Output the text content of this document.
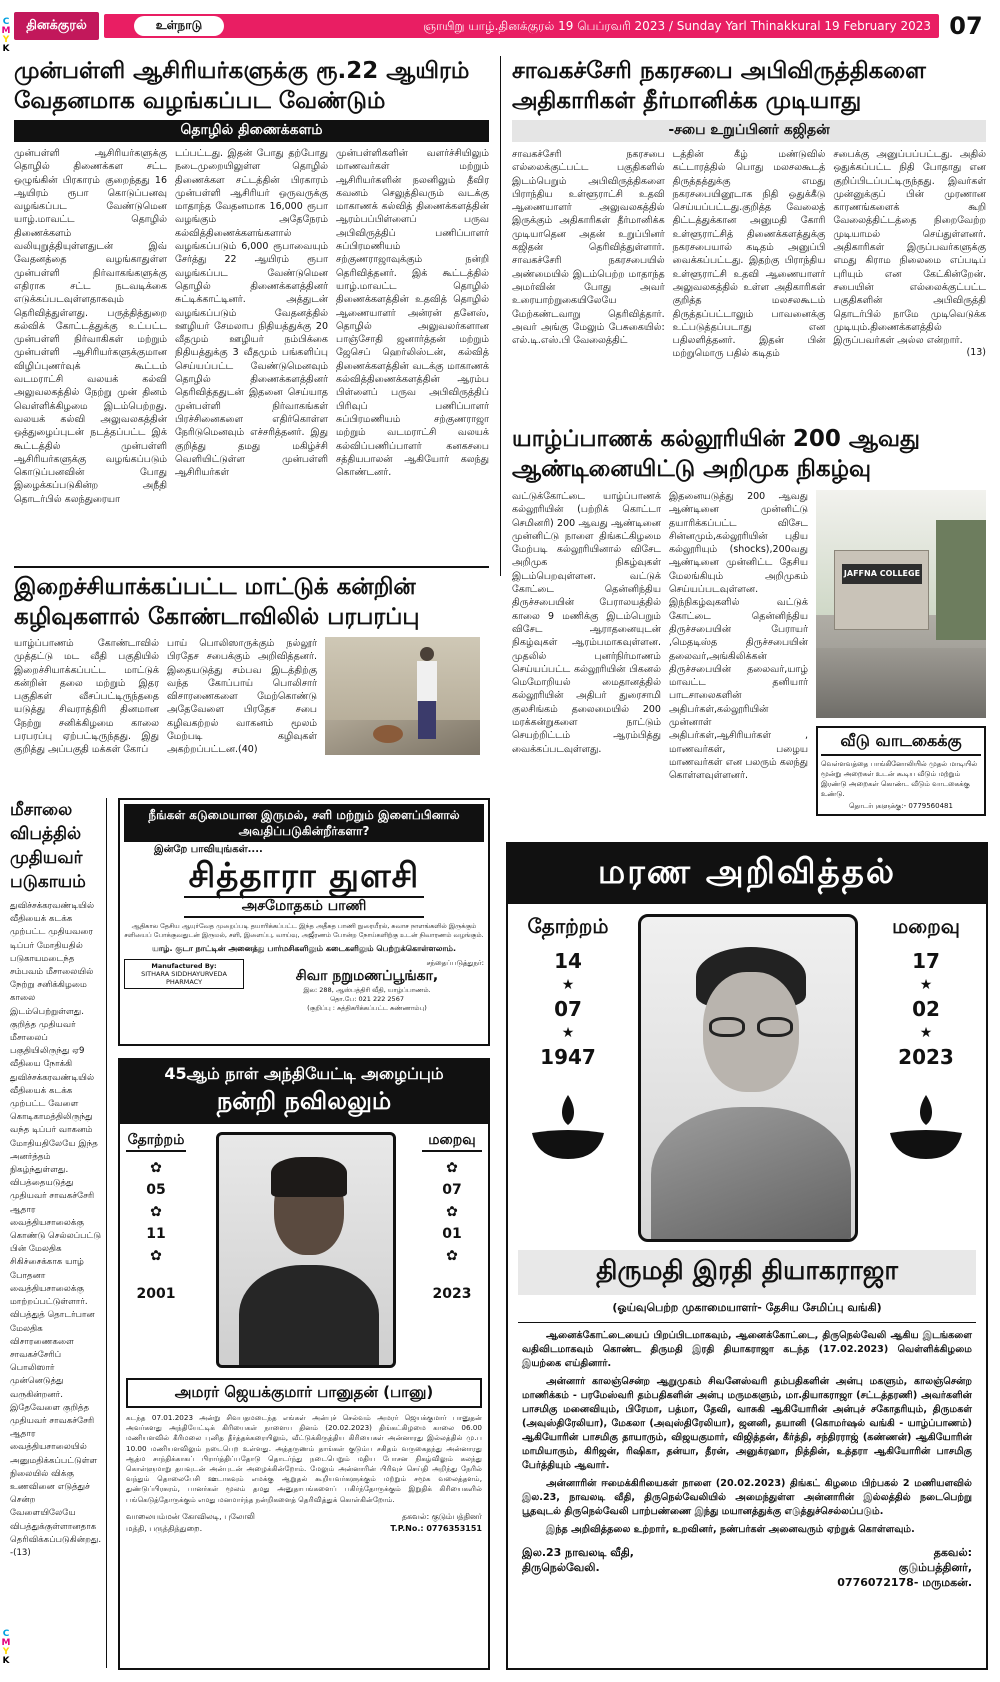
C
M
Y
K
C
M
Y
K
தினக்குரல்	உள்நாடு	ஞாயிறு யாழ்.தினக்குரல் 19 பெப்ரவரி 2023 / Sunday Yarl Thinakkural 19 February 2023 07
முன்பள்ளி ஆசிரியர்களுக்கு ரூ.22 ஆயிரம் வேதனமாக வழங்கப்பட வேண்டும்
தொழில் திணைக்களம்
முன்பள்ளி ஆசிரியர்களுக்கு தொழில் திணைக்கள சட்ட ஒழுங்கின் பிரகாரம் குறைந்தது 16 ஆயிரம் ரூபா கொடுப்பனவு வழங்கப்பட வேண்டுமென யாழ்.மாவட்ட தொழில் திணைக்களம் வலியுறுத்தியுள்ளதுடன் இவ் வேதனத்தை வழங்காதுள்ள முன்பள்ளி நிர்வாகங்களுக்கு எதிராக சட்ட நடவடிக்கை எடுக்கப்படவுள்ளதாகவும் தெரிவித்துள்ளது. பருத்தித்துறை கல்விக் கோட்டத்துக்கு உட்பட்ட முன்பள்ளி நிர்வாகிகள் மற்றும் முன்பள்ளி ஆசிரியர்களுக்குமான விழிப்புணர்வுக் கூட்டம் வடமராட்சி வலயக் கல்வி அலுவலகத்தில் நேற்று முன் தினம் வெள்ளிக்கிழமை இடம்பெற்றது. வலயக் கல்வி அலுவலகத்தின் ஒத்துழைப்புடன் நடத்தப்பட்ட இக் கூட்டத்தில் முன்பள்ளி ஆசிரியர்களுக்கு வழங்கப்படும் கொடுப்பனவின் போது இழைக்கப்படுகின்ற அநீதி தொடர்பில் கலந்துரையா
டப்பட்டது. இதன் போது தற்போது நடைமுறையிலுள்ள தொழில் திணைக்கள சட்டத்தின் பிரகாரம் முன்பள்ளி ஆசிரியர் ஒருவருக்கு மாதாந்த வேதனமாக 16,000 ரூபா வழங்கும் அதேநேரம் கல்வித்திணைக்களங்களால் வழங்கப்படும் 6,000 ரூபாவையும் சேர்த்து 22 ஆயிரம் ரூபா வழங்கப்பட வேண்டுமென தொழில் திணைக்களத்தினர் சுட்டிக்காட்டினர். அத்துடன் வழங்கப்படும் வேதனத்தில் ஊழியர் சேமலாப நிதியத்துக்கு 20 வீதமும் ஊழியர் நம்பிக்கை நிதியத்துக்கு 3 வீதமும் பங்களிப்பு செய்யப்பட்ட வேண்டுமெனவும் தொழில் திணைக்களத்தினர் தெரிவித்ததுடன் இதனை செய்யாத முன்பள்ளி நிர்வாகங்கள் பிரச்சினைகளை எதிர்கொள்ள நேரிடுமெனவும் எச்சரித்தனர். இது குறித்து தமது மகிழ்ச்சி வெளியிட்டுள்ள முன்பள்ளி ஆசிரியர்கள்
முன்பள்ளிகளின் வளர்ச்சியிலும் மாணவர்கள் மற்றும் ஆசிரியர்களின் நலனிலும் தீவிர கவனம் செலுத்திவரும் வடக்கு மாகாணக் கல்வித் திணைக்களத்தின் ஆரம்பப்பிள்ளைப் பருவ அபிவிருத்திப் பணிப்பாளர் சுப்பிரமணியம் சற்குணராஜாவுக்கும் நன்றி தெரிவித்தனர். இக் கூட்டத்தில் யாழ்.மாவட்ட தொழில் திணைக்களத்தின் உதவித் தொழில் ஆணையாளர் அன்ரன் தனேஸ், தொழில் அலுவலர்களான பாஞ்சோதி ஜனார்த்தன் மற்றும் ஜேசெப் ஹெர்லிஸ்டன், கல்வித் திணைக்களத்தின் வடக்கு மாகாணக் கல்வித்திணைக்களத்தின் ஆரம்ப பிள்ளைப் பருவ அபிவிருத்திப் பிரிவுப் பணிப்பாளர் சுப்பிரமணியம் சற்குணராஜா மற்றும் வடமராட்சி வலயக் கல்விப்பணிப்பாளர் கனகசபை சத்தியபாலன் ஆகியோர் கலந்து கொண்டனர்.
சாவகச்சேரி நகரசபை அபிவிருத்திகளை அதிகாரிகள் தீர்மானிக்க முடியாது
-சபை உறுப்பினர் கஜிதன்
சாவகச்சேரி நகரசபை எல்லைக்குட்பட்ட பகுதிகளில் இடம்பெறும் அபிவிருத்திகளை பிராந்திய உள்ளூராட்சி உதவி ஆணையாளர் அலுவலகத்தில் இருக்கும் அதிகாரிகள் தீர்மானிக்க முடியாதென அதன் உறுப்பினர் கஜிதன் தெரிவித்துள்ளார். சாவகச்சேரி நகரசபையில் அண்மையில் இடம்பெற்ற மாதாந்த அமர்வின் போது அவர் உரையாற்றுகையிலேயே மேற்கண்டவாறு தெரிவித்தார். அவர் அங்கு மேலும் பேசுகையில்: எல்.டி.எஸ்.பி வேலைத்திட்
டத்தின் கீழ் மண்டுவில் கட்டாரத்தில் பொது மலசலகூடத் திருத்தத்துக்கு எமது நகரசபையினூடாக நிதி ஒதுக்கீடு செய்யப்பட்டது.குறித்த வேலைத் திட்டத்துக்கான அனுமதி கோரி உள்ளூராட்சித் திணைக்களத்துக்கு நகரசபையால் கடிதம் அனுப்பி வைக்கப்பட்டது. இதற்கு பிராந்திய உள்ளூராட்சி உதவி ஆணையாளர் அலுவலகத்தில் உள்ள அதிகாரிகள் குறித்த மலசலகூடம் திருத்தப்பட்டாலும் பாவனைக்கு உட்படுத்தப்படாது என பதிலளித்தனர். இதன் பின் மற்றுமொரு பதில் கடிதம்
சபைக்கு அனுப்பப்பட்டது. அதில் ஒதுக்கப்பட்ட நிதி போதாது என குறிப்பிடப்பட்டிருந்தது. இவர்கள் முன்னுக்குப் பின் முரணான காரணங்களைக் கூறி வேலைத்திட்டத்தை நிறைவேற்ற முடியாமல் செய்துள்ளனர். அதிகாரிகள் இருப்பவர்களுக்கு எமது கிராம நிலைமை எப்படிப் புரியும் என கேட்கின்றேன். சபையின் எல்லைக்குட்பட்ட பகுதிகளின் அபிவிருத்தி தொடர்பில் நாமே முடிவெடுக்க முடியும்.திணைக்களத்தில் இருப்பவர்கள் அல்ல என்றார்.
(13)
யாழ்ப்பாணக் கல்லூரியின் 200 ஆவது ஆண்டினையிட்டு அறிமுக நிகழ்வு
வட்டுக்கோட்டை யாழ்ப்பாணக் கல்லூரியின் (பற்றிக் கொட்டா செமினரி) 200 ஆவது ஆண்டினை முன்னிட்டு நாளை திங்கட்கிழமை மேற்படி கல்லூரியினால் விசேட அறிமுக நிகழ்வுகள் இடம்பெறவுள்ளன. வட்டுக் கோட்டை தென்னிந்திய திருச்சபையின் பேராலயத்தில் காலை 9 மணிக்கு இடம்பெறும் விசேட ஆராதனையுடன் நிகழ்வுகள் ஆரம்பமாகவுள்ளன. முதலில் புனர்நிர்மாணம் செய்யப்பட்ட கல்லூரியின் பிகனல் மெமோறியல் மைதானத்தில் கல்லூரியின் அதிபர் துரைசாமி குலசிங்கம் தலைமையில் 200 மரக்கன்றுகளை நாட்டும் செயற்றிட்டம் ஆரம்பித்து வைக்கப்படவுள்ளது.
இதனையடுத்து 200 ஆவது ஆண்டினை முன்னிட்டு தயாரிக்கப்பட்ட விசேட சின்னமும்,கல்லூரியின் புதிய கல்லூரியும் (shocks),200வது ஆண்டினை முன்னிட்ட தேசிய மேலங்கியும் அறிமுகம் செய்யப்படவுள்ளன. இந்நிகழ்வுகளில் வட்டுக் கோட்டை தென்னிந்திய திருச்சபையின் பேராயர் ,மெதடிஸ்த திருச்சபையின் தலைவர்,அங்கிலிக்கன் திருச்சபையின் தலைவர்,யாழ் மாவட்ட தனியார் பாடசாலைகளின் அதிபர்கள்,கல்லூரியின் முன்னாள் அதிபர்கள்,ஆசிரியர்கள் , மாணவர்கள், பழைய மாணவர்கள் என பலரும் கலந்து கொள்ளவுள்ளனர்.
JAFFNA COLLEGE
வீடு வாடகைக்கு
வெள்ளவத்தை பாங்கினோலியில் முதல் மாடியில் மூன்று அறைகள் உடன் கூடிய வீடும் மற்றும் இரண்டு அறைகள் கொண்ட வீடும் வாடகைக்கு உண்டு.
தொடர்புகளுக்கு:- 0779560481
இறைச்சியாக்கப்பட்ட மாட்டுக் கன்றின் கழிவுகளால் கோண்டாவிலில் பரபரப்பு
யாழ்ப்பாணம் கோண்டாவில் முத்தட்டு மட வீதி பகுதியில் இறைச்சியாக்கப்பட்ட மாட்டுக் கன்றின் தலை மற்றும் இதர பகுதிகள் வீசப்பட்டிருந்ததை யடுத்து சிவராத்திரி தினமான நேற்று சனிக்கிழமை காலை பரபரப்பு ஏற்பட்டிருந்தது. இது குறித்து அப்பகுதி மக்கள் கோப்
பாய் பொலிஸாருக்கும் நல்லூர் பிரதேச சபைக்கும் அறிவித்தனர். இதையடுத்து சம்பவ இடத்திற்கு வந்த கோப்பாய் பொலிசார் விசாரணைகளை மேற்கொண்டு அதேவேளை பிரதேச சபை கழிவகற்றல் வாகனம் மூலம் மேற்படி கழிவுகள் அகற்றப்பட்டன.(40)
மீசாலை விபத்தில் முதியவர் படுகாயம்
துவிச்சக்கரவண்டியில் வீதியைக் கடக்க முற்பட்ட முதியவரை டிப்பர் மோதியதில் படுகாயமடைந்த சம்பவம் மீசாலையில் நேற்று சனிக்கிழமை காலை இடம்பெற்றுள்ளது. குறித்த முதியவர் மீசாலைப் பகுதியிலிருந்து ஏ9 வீதியை நோக்கி துவிச்சக்கரவண்டியில் வீதியைக் கடக்க முற்பட்ட வேளை கொடிகாமத்திலிருந்து வந்த டிப்பர் வாகனம் மோதியதிலேயே இந்த அனர்த்தம் நிகழ்ந்துள்ளது. விபத்தையடுத்து முதியவர் சாவகச்சேரி ஆதார வைத்தியசாலைக்கு கொண்டு செல்லப்பட்டு பின் மேலதிக சிகிச்சைக்காக யாழ் போதனா வைத்தியசாலைக்கு மாற்றப்பட்டுள்ளார். விபத்துத் தொடர்பான மேலதிக விசாரணைகளை சாவகச்சேரிப் பொலிஸார் முன்னெடுத்து வருகின்றனர். இதேவேளை குறித்த முதியவர் சாவகச்சேரி ஆதார வைத்தியசாலையில் அனுமதிக்கப்பட்டுள்ள நிலையில் விக்கு உணவினை எடுத்துச் சென்ற வேளையிலேயே விபத்துக்குள்ளானதாக தெரிவிக்கப்படுகின்றது.-(13)
நீங்கள் கடுமையான இருமல், சளி மற்றும் இளைப்பினால் அவதிப்படுகின்றீர்களா?
இன்றே பாவியுங்கள்....
சித்தாரா துளசி
அசமோதகம் பாணி
ஆதிகால தேசிய ஆயுர்வேத முறைப்படி தயாரிக்கப்பட்ட இந்த அதீசுத பாணி நுரையீரல், சுவாச நாளங்களில் இருக்கும் சளியைப் போக்குவதுடன் இருமல், சளி, இளைப்பு, வாய்வு, அஜீரணம் போன்ற நோய்களிற்கு உடன் நிவாரணம் வழங்கும்.
யாழ். குடா நாட்டின் அனைத்து பார்மசிகளிலும் கடைகளிலும் பெற்றுக்கொள்ளலாம்.
Manufactured By:
SITHARA SIDDHAYURVEDA PHARMACY
சந்தைப்படுத்துநர்:
சிவா நறுமணப்பூங்கா,
இல: 288, ஆஸ்பத்திரி வீதி, யாழ்ப்பாணம்.
தொ.பே: 021 222 2567
(குறிப்பு : சுத்திகரிக்கப்பட்ட சுண்ணாம்பு)
45ஆம் நாள் அந்தியேட்டி அழைப்பும்
நன்றி நவிலலும்
தோற்றம்
✿
05
✿
11
✿
2001
மறைவு
✿
07
✿
01
✿
2023
அமரர் ஜெயக்குமார் பானுதன் (பானு)
கடந்த 07.01.2023 அன்று சிவபதமடைந்த எங்கள் அன்புச் செல்வம் அமரர் ஜெயக்குமார் பானுதன் அவர்களது அந்தியேட்டிக் கிரியைகள் நாளைய தினம் (20.02.2023) திங்கட்கிழமை காலை 06.00 மணியளவில் கீரிமலை புனித தீர்த்தக்கரையிலும், வீட்டுக்கிருத்திய கிரியைகள் அன்னாரது இல்லத்தில் மு.ப 10.00 மணியளவிலும் நடைபெற உள்ளது. அத்தருணம் தாங்கள் குடும்ப சகிதம் வருகைதந்து அன்னாரது ஆத்ம சாந்திக்காகப் பிரார்த்திப்பதோடு தொடர்ந்து நடைபெறும் மதிய போசன நிகழ்விலும் கலந்து கொள்ளுமாறு தயவுடன் அன்புடன் அழைக்கின்றோம். மேலும் அன்னாரின் பிரிவுச் செய்தி அறிந்து நேரில் வந்தும் தொலைபேசி ஊடாகவும் எமக்கு ஆறுதல் கூறியவர்களுக்கும் மற்றும் சமூக வலைத்தளம், துண்டுப்பிரசுரம், பானர்கள் மூலம் தமது அனுதாபங்களைப் பகிர்ந்தோருக்கும் இறுதிக் கிரியைகளில் பங்கெடுத்தோருக்கும் எமது மனமார்ந்த நன்றிகளைத் தெரிவித்துக் கொள்கின்றோம்.
வாலையம்மன் கோவிலடி, புலோலி மத்தி, பருத்தித்துறை.
தகவல்: குடும்பத்தினர்
T.P.No.: 0776353151
மரண அறிவித்தல்
தோற்றம்
14
★
07
★
1947
மறைவு
17
★
02
★
2023
திருமதி இரதி தியாகராஜா
(ஓய்வுபெற்ற முகாமையாளர்- தேசிய சேமிப்பு வங்கி)

ஆனைக்கோட்டையைப் பிறப்பிடமாகவும், ஆனைக்கோட்டை, திருநெல்வேலி ஆகிய இடங்களை வதிவிடமாகவும் கொண்ட திருமதி இரதி தியாகராஜா கடந்த (17.02.2023) வெள்ளிக்கிழமை இயற்கை எய்தினார்.

அன்னார் காலஞ்சென்ற ஆறுமுகம் சிவனேஸ்வரி தம்பதிகளின் அன்பு மகளும், காலஞ்சென்ற மாணிக்கம் - பரமேஸ்வரி தம்பதிகளின் அன்பு மருமகளும், மா.தியாகராஜா (சட்டத்தரணி) அவர்களின் பாசமிகு மனைவியும், பிரேமா, பத்மா, தேவி, வாசுகி ஆகியோரின் அன்புச் சகோதரியும், திருமகள் (அவுஸ்திரேலியா), மேகலா (அவுஸ்திரேலியா), ஜனனி, தயானி (கொமர்ஷல் வங்கி - யாழ்ப்பாணம்) ஆகியோரின் பாசமிகு தாயாரும், விஜயகுமார், விஜித்தன், கீர்த்தி, சந்திரராஜ் (கண்ணன்) ஆகியோரின் மாமியாரும், கிரிஜன், ரிஷிகா, தன்யா, தீரன், அனுக்ரஹா, நித்தின், உத்தரா ஆகியோரின் பாசமிகு பேர்த்தியும் ஆவார்.

அன்னாரின் ஈமைக்கிரியைகள் நாளை (20.02.2023) திங்கட் கிழமை பிற்பகல் 2 மணியளவில் இல.23, நாவலடி வீதி, திருநெல்வேலியில் அமைந்துள்ள அன்னாரின் இல்லத்தில் நடைபெற்று பூதவுடல் திருநெல்வேலி பாற்பண்ணை இந்து மயானத்துக்கு எடுத்துச்செல்லப்படும்.

இந்த அறிவித்தலை உற்றார், உறவினர், நண்பர்கள் அனைவரும் ஏற்றுக் கொள்ளவும்.

இல.23 நாவலடி வீதி,
திருநெல்வேலி.
தகவல்:
குடும்பத்தினர்,
0776072178- மருமகன்.
